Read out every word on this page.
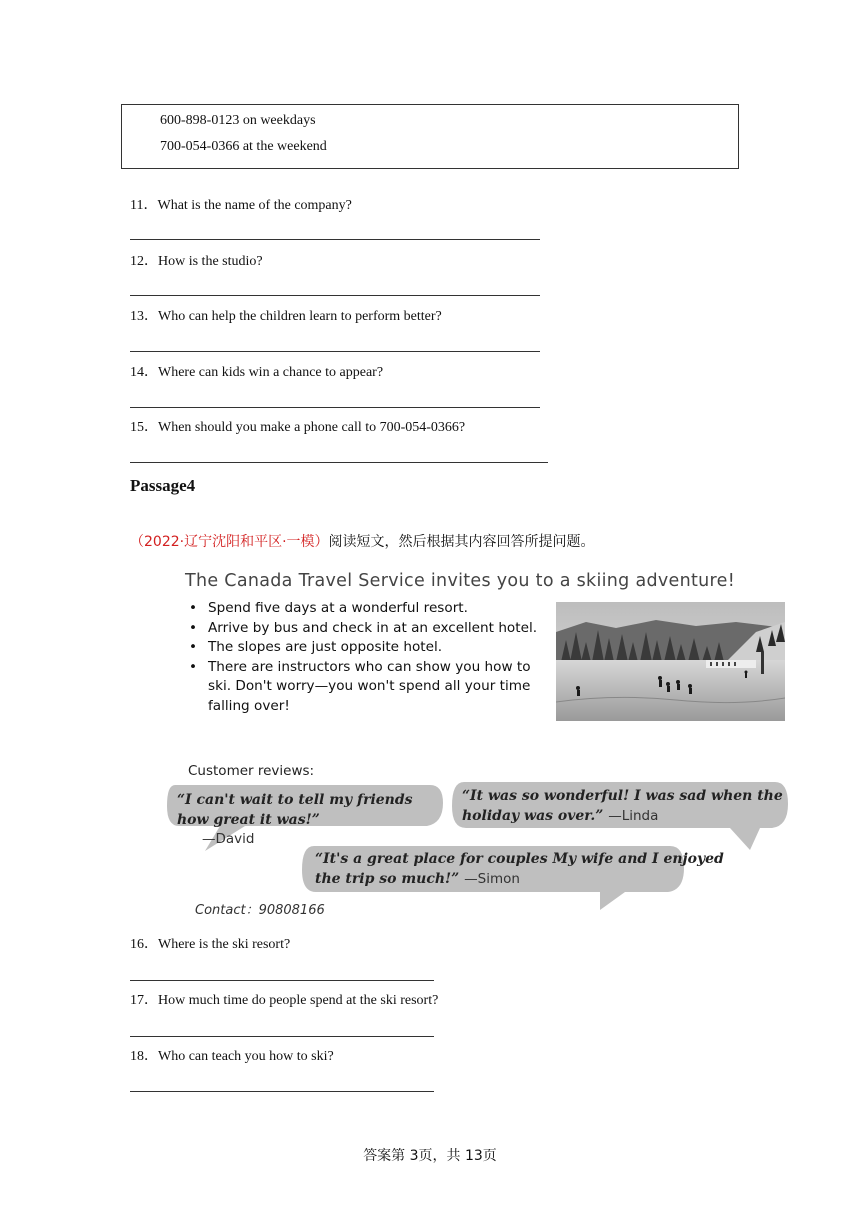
600-898-0123 on weekdays
700-054-0366 at the weekend
11．What is the name of the company?
12．How is the studio?
13．Who can help the children learn to perform better?
14．Where can kids win a chance to appear?
15．When should you make a phone call to 700-054-0366?
Passage4
（2022·辽宁沈阳和平区·一模）阅读短文，然后根据其内容回答所提问题。
The Canada Travel Service invites you to a skiing adventure!
• Spend five days at a wonderful resort.
• Arrive by bus and check in at an excellent hotel.
• The slopes are just opposite hotel.
• There are instructors who can show you how to ski. Don't worry—you won't spend all your time falling over!
Customer reviews:
“I can't wait to tell my friends how great it was!”
—David
“It was so wonderful! I was sad when the holiday was over.” —Linda
“It's a great place for couples My wife and I enjoyed the trip so much!” —Simon
Contact：90808166
16．Where is the ski resort?
17．How much time do people spend at the ski resort?
18．Who can teach you how to ski?
答案第 3页，共 13页
